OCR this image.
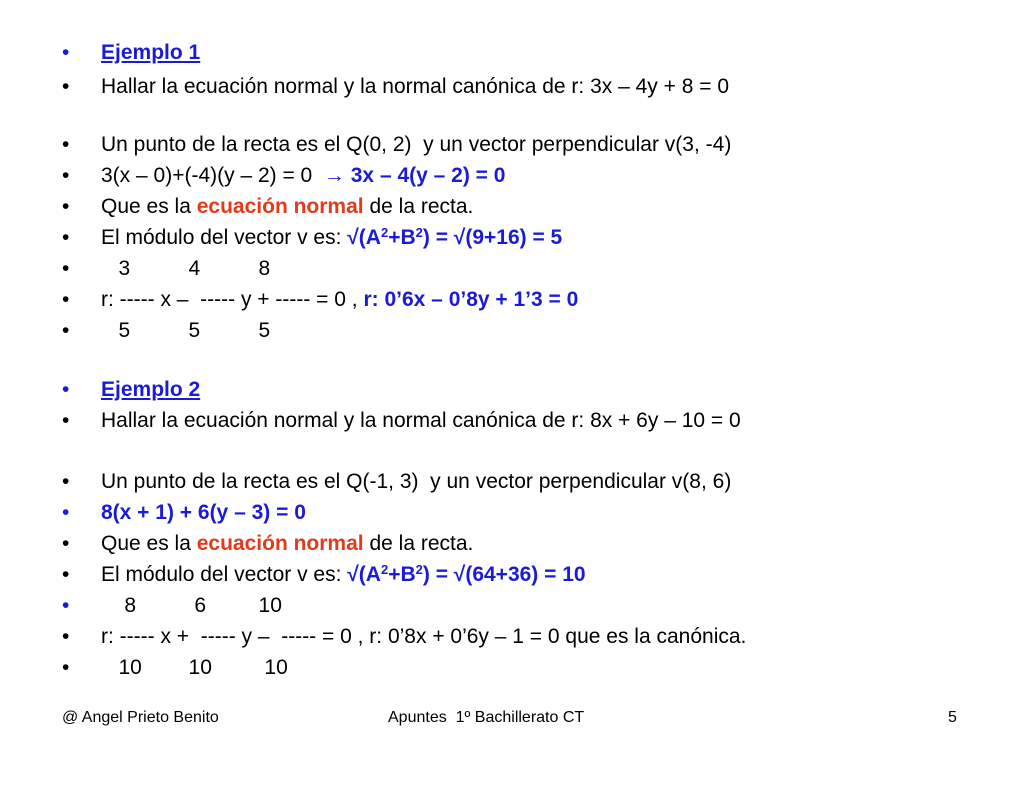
•

	Ejemplo 1

•

	Hallar la ecuación normal y la normal canónica de r: 3x – 4y + 8 = 0

•

	Un punto de la recta es el Q(0, 2)  y un vector perpendicular v(3, -4)

•

	3(x – 0)+(-4)(y – 2) = 0  → 3x – 4(y – 2) = 0

•

	Que es la ecuación normal de la recta.

•

	El módulo del vector v es: $√(A^2+B^2) = √(9+16) = 5$

•

	3          4          8

•

	r: ----- x –  ----- y + ----- = 0 , r: 0’6x – 0’8y + 1’3 = 0

•

	5          5          5

•

	Ejemplo 2

•

	Hallar la ecuación normal y la normal canónica de r: 8x + 6y – 10 = 0

•

	Un punto de la recta es el Q(-1, 3)  y un vector perpendicular v(8, 6)

•

	8(x + 1) + 6(y – 3) = 0

•

	Que es la ecuación normal de la recta.

•

	El módulo del vector v es: $√(A^2+B^2) = √(64+36) = 10$

•

	8          6         10

•

	r: ----- x +  ----- y –  ----- = 0 , r: 0’8x + 0’6y – 1 = 0 que es la canónica.

•

	10        10         10

@ Angel Prieto Benito	Apuntes  1º Bachillerato CT	5
